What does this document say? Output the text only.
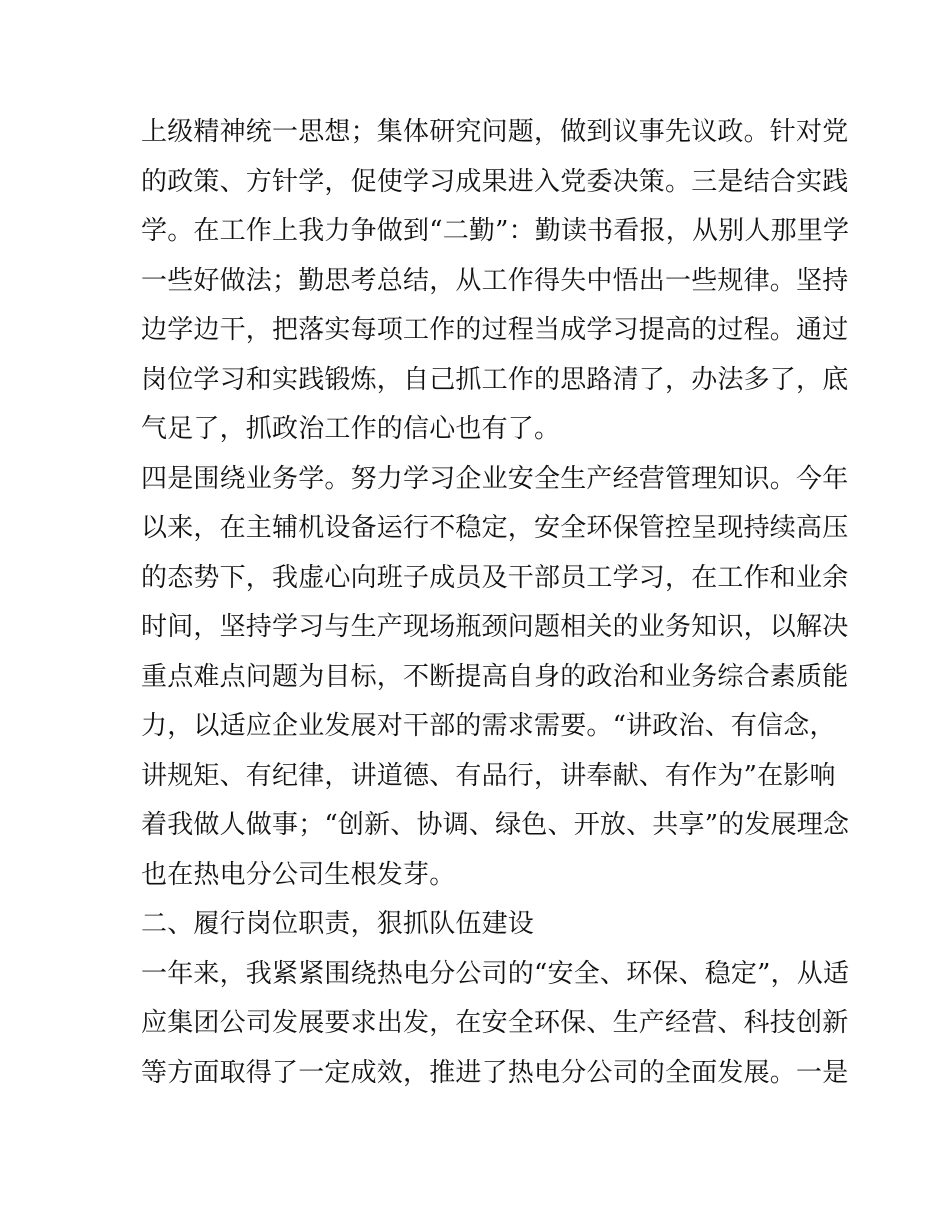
上级精神统一思想；集体研究问题，做到议事先议政。针对党
的政策、方针学，促使学习成果进入党委决策。三是结合实践
学。在工作上我力争做到“二勤”：勤读书看报，从别人那里学
一些好做法；勤思考总结，从工作得失中悟出一些规律。坚持
边学边干，把落实每项工作的过程当成学习提高的过程。通过
岗位学习和实践锻炼，自己抓工作的思路清了，办法多了，底
气足了，抓政治工作的信心也有了。
四是围绕业务学。努力学习企业安全生产经营管理知识。今年
以来，在主辅机设备运行不稳定，安全环保管控呈现持续高压
的态势下，我虚心向班子成员及干部员工学习，在工作和业余
时间，坚持学习与生产现场瓶颈问题相关的业务知识，以解决
重点难点问题为目标，不断提高自身的政治和业务综合素质能
力，以适应企业发展对干部的需求需要。“讲政治、有信念，
讲规矩、有纪律，讲道德、有品行，讲奉献、有作为”在影响
着我做人做事；“创新、协调、绿色、开放、共享”的发展理念
也在热电分公司生根发芽。
二、履行岗位职责，狠抓队伍建设
一年来，我紧紧围绕热电分公司的“安全、环保、稳定”，从适
应集团公司发展要求出发，在安全环保、生产经营、科技创新
等方面取得了一定成效，推进了热电分公司的全面发展。一是
